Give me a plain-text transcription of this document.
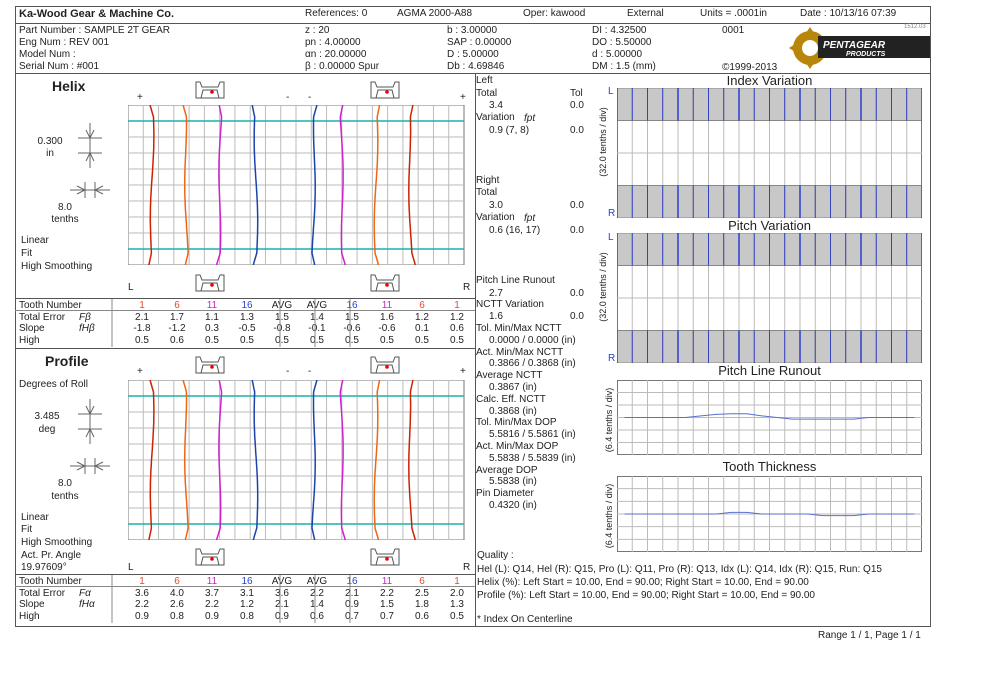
Ka-Wood Gear & Machine Co.	References: 0	AGMA 2000-A88	Oper: kawood	External	Units = .0001in	Date : 10/13/16 07:39
Part Number : SAMPLE 2T GEAR
Eng Num : REV 001
Model Num :
Serial Num : #001
z : 20
pn : 4.00000
αn : 20.00000
β : 0.00000 Spur
b : 3.00000
SAP : 0.00000
D : 5.00000
Db : 4.69846
DI : 4.32500
DO : 5.50000
d : 5.00000
DM : 1.5 (mm)
0001
©1999-2013
1512.03
PENTAGEAR
PRODUCTS
Helix
0.300
in
8.0
tenths
Linear
Fit
High Smoothing
+	- -	+
L	R
Tooth Number
Total Error Fβ
Slope	fHβ
High
1	6	11	16	AVG	AVG	16	11	6	1
2.1	1.7	1.1	1.3	1.5	1.4	1.5	1.6	1.2	1.2
-1.8	-1.2	0.3	-0.5	-0.8	-0.1	-0.6	-0.6	0.1	0.6
0.5	0.6	0.5	0.5	0.5	0.5	0.5	0.5	0.5	0.5
Profile
Degrees of Roll
3.485
deg
8.0
tenths
Linear
Fit
High Smoothing
Act. Pr. Angle
19.97609°
+	- -	+
L	R
Tooth Number
Total Error Fα
Slope	fHα
High
1	6	11	16	AVG	AVG	16	11	6	1
3.6	4.0	3.7	3.1	3.6	2.2	2.1	2.2	2.5	2.0
2.2	2.6	2.2	1.2	2.1	1.4	0.9	1.5	1.8	1.3
0.9	0.8	0.9	0.8	0.9	0.6	0.7	0.7	0.6	0.5
Left
Total	Tol
3.4	0.0
Variation
0.9 (7, 8)	0.0
Right
Total
3.0	0.0
Variation
0.6 (16, 17)	0.0
Pitch Line Runout
2.7	0.0
NCTT Variation
1.6	0.0
fpt
fpt
Tol. Min/Max NCTT
0.0000 / 0.0000 (in)
Act. Min/Max NCTT
0.3866 / 0.3868 (in)
Average NCTT
0.3867 (in)
Calc. Eff. NCTT
0.3868 (in)
Tol. Min/Max DOP
5.5816 / 5.5861 (in)
Act. Min/Max DOP
5.5838 / 5.5839 (in)
Average DOP
5.5838 (in)
Pin Diameter
0.4320 (in)
Quality :
Hel (L): Q14, Hel (R): Q15, Pro (L): Q11, Pro (R): Q13, Idx (L): Q14, Idx (R): Q15, Run: Q15
Helix (%): Left Start = 10.00, End = 90.00; Right Start = 10.00, End = 90.00
Profile (%): Left Start = 10.00, End = 90.00; Right Start = 10.00, End = 90.00
* Index On Centerline
Index Variation
Pitch Variation
Pitch Line Runout
Tooth Thickness
(32.0 tenths / div)
(32.0 tenths / div)
(6.4 tenths / div)
(6.4 tenths / div)
L
R
L
R
Range 1 / 1, Page 1 / 1
